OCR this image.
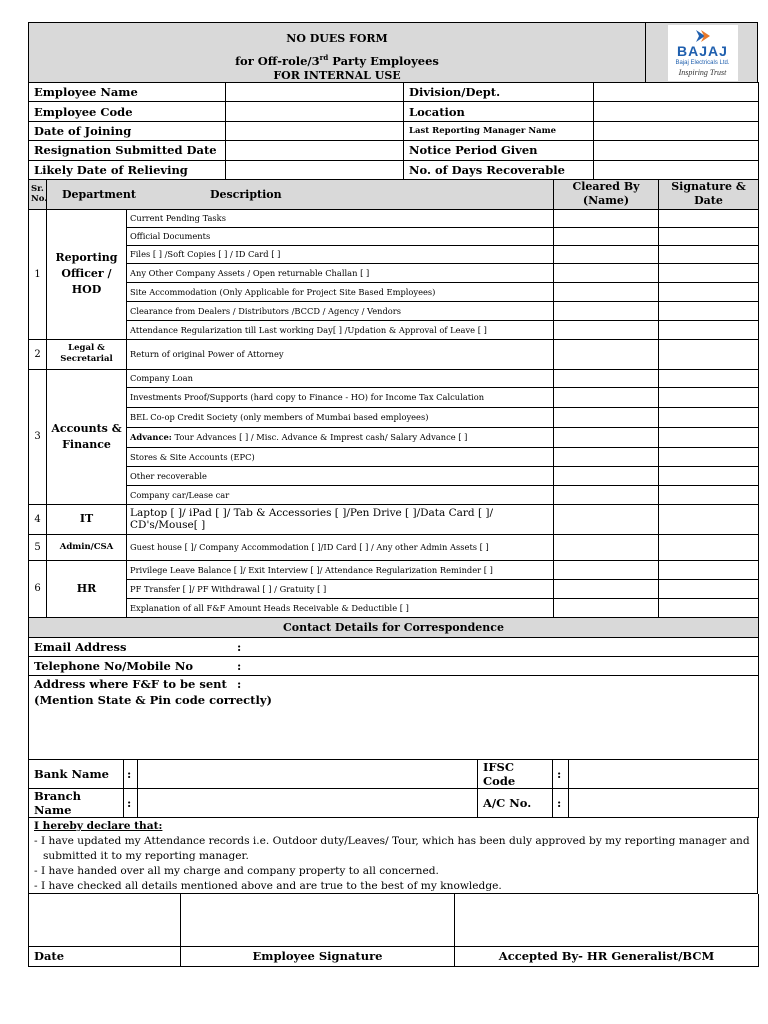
NO DUES FORM
for Off-role/3rd Party Employees
FOR INTERNAL USE
BAJAJ
Bajaj Electricals Ltd.
Inspiring Trust
Employee Name		Division/Dept.	
Employee Code		Location	
Date of Joining		Last Reporting Manager Name	
Resignation Submitted Date		Notice Period Given	
Likely Date of Relieving		No. of Days Recoverable	
Sr. No.	Department Description		Cleared By (Name)	Signature & Date
1	Reporting Officer / HOD	Current Pending Tasks		
		Official Documents		
		Files [ ] /Soft Copies [ ] / ID Card [ ]		
		Any Other Company Assets / Open returnable Challan [ ]		
		Site Accommodation (Only Applicable for Project Site Based Employees)		
		Clearance from Dealers / Distributors /BCCD / Agency / Vendors		
		Attendance Regularization till Last working Day[ ] /Updation & Approval of Leave [ ]		
2	Legal & Secretarial	Return of original Power of Attorney		
3	Accounts & Finance	Company Loan		
		Investments Proof/Supports (hard copy to Finance - HO) for Income Tax Calculation		
		BEL Co-op Credit Society (only members of Mumbai based employees)		
		Advance: Tour Advances [ ] / Misc. Advance & Imprest cash/ Salary Advance [ ]		
		Stores & Site Accounts (EPC)		
		Other recoverable		
		Company car/Lease car		
4	IT	Laptop [ ]/ iPad [ ]/ Tab & Accessories [ ]/Pen Drive [ ]/Data Card [ ]/ CD's/Mouse[ ]		
5	Admin/CSA	Guest house [ ]/ Company Accommodation [ ]/ID Card [ ] / Any other Admin Assets [ ]		
6	HR	Privilege Leave Balance [ ]/ Exit Interview [ ]/ Attendance Regularization Reminder [ ]		
		PF Transfer [ ]/ PF Withdrawal [ ] / Gratuity [ ]		
		Explanation of all F&F Amount Heads Receivable & Deductible [ ]		
Contact Details for Correspondence				
Email Address	:
Telephone No/Mobile No	:
Address where F&F to be sent :
(Mention State & Pin code correctly)
Bank Name	:		IFSC Code	:	
Branch Name	:		A/C No.	:	
I hereby declare that:
- I have updated my Attendance records i.e. Outdoor duty/Leaves/ Tour, which has been duly approved by my reporting manager and
submitted it to my reporting manager.
- I have handed over all my charge and company property to all concerned.
- I have checked all details mentioned above and are true to the best of my knowledge.

Date	Employee Signature	Accepted By- HR Generalist/BCM
